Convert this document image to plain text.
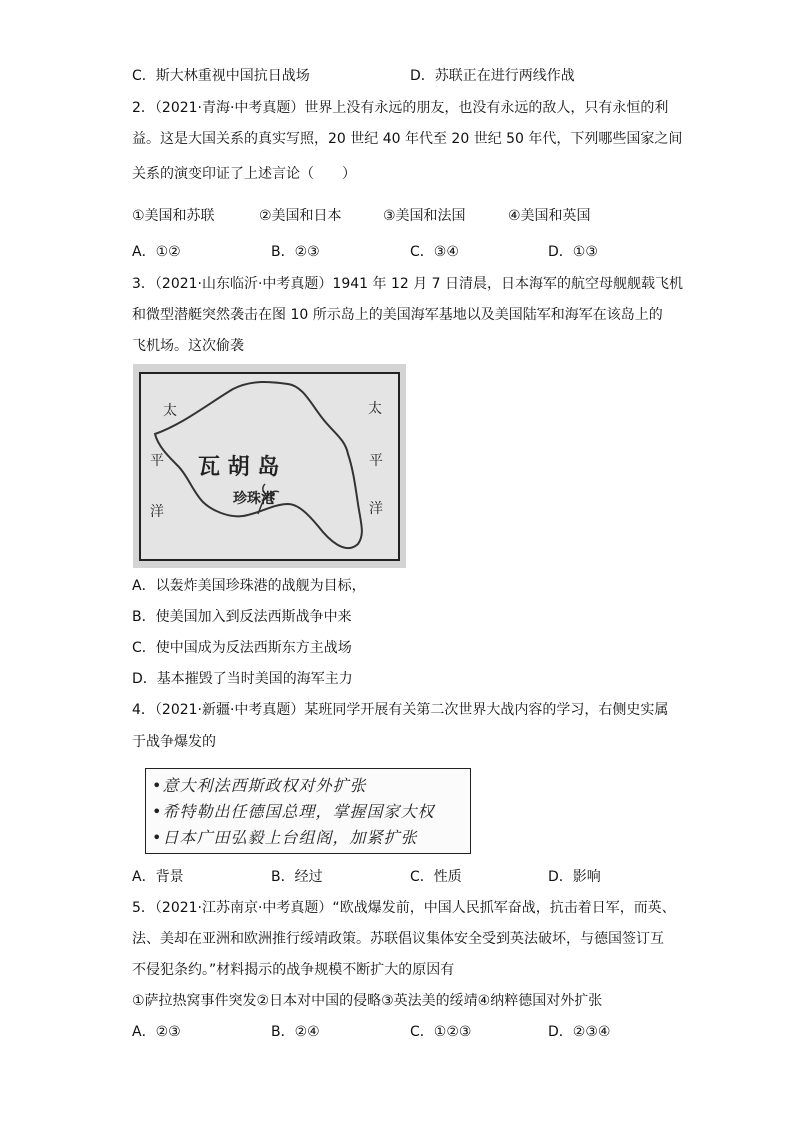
C．斯大林重视中国抗日战场	D．苏联正在进行两线作战
2．（2021·青海·中考真题）世界上没有永远的朋友，也没有永远的敌人，只有永恒的利
益。这是大国关系的真实写照，20 世纪 40 年代至 20 世纪 50 年代，下列哪些国家之间
关系的演变印证了上述言论（　　）
①美国和苏联	②美国和日本	③美国和法国	④美国和英国
A．①②	B．②③	C．③④	D．①③
3．（2021·山东临沂·中考真题）1941 年 12 月 7 日清晨，日本海军的航空母舰舰载飞机
和微型潜艇突然袭击在图 10 所示岛上的美国海军基地以及美国陆军和海军在该岛上的
飞机场。这次偷袭
太
平
洋
太
平
洋
瓦 胡 岛
珍珠港
A．以轰炸美国珍珠港的战舰为目标，
B．使美国加入到反法西斯战争中来
C．使中国成为反法西斯东方主战场
D．基本摧毁了当时美国的海军主力
4．（2021·新疆·中考真题）某班同学开展有关第二次世界大战内容的学习，右侧史实属
于战争爆发的
•意大利法西斯政权对外扩张
•希特勒出任德国总理，掌握国家大权
•日本广田弘毅上台组阁，加紧扩张
A．背景	B．经过	C．性质	D．影响
5．（2021·江苏南京·中考真题）“欧战爆发前，中国人民抓军奋战，抗击着日军，而英、
法、美却在亚洲和欧洲推行绥靖政策。苏联倡议集体安全受到英法破坏，与德国签订互
不侵犯条约。”材料揭示的战争规模不断扩大的原因有
①萨拉热窝事件突发②日本对中国的侵略③英法美的绥靖④纳粹德国对外扩张
A．②③	B．②④	C．①②③	D．②③④
